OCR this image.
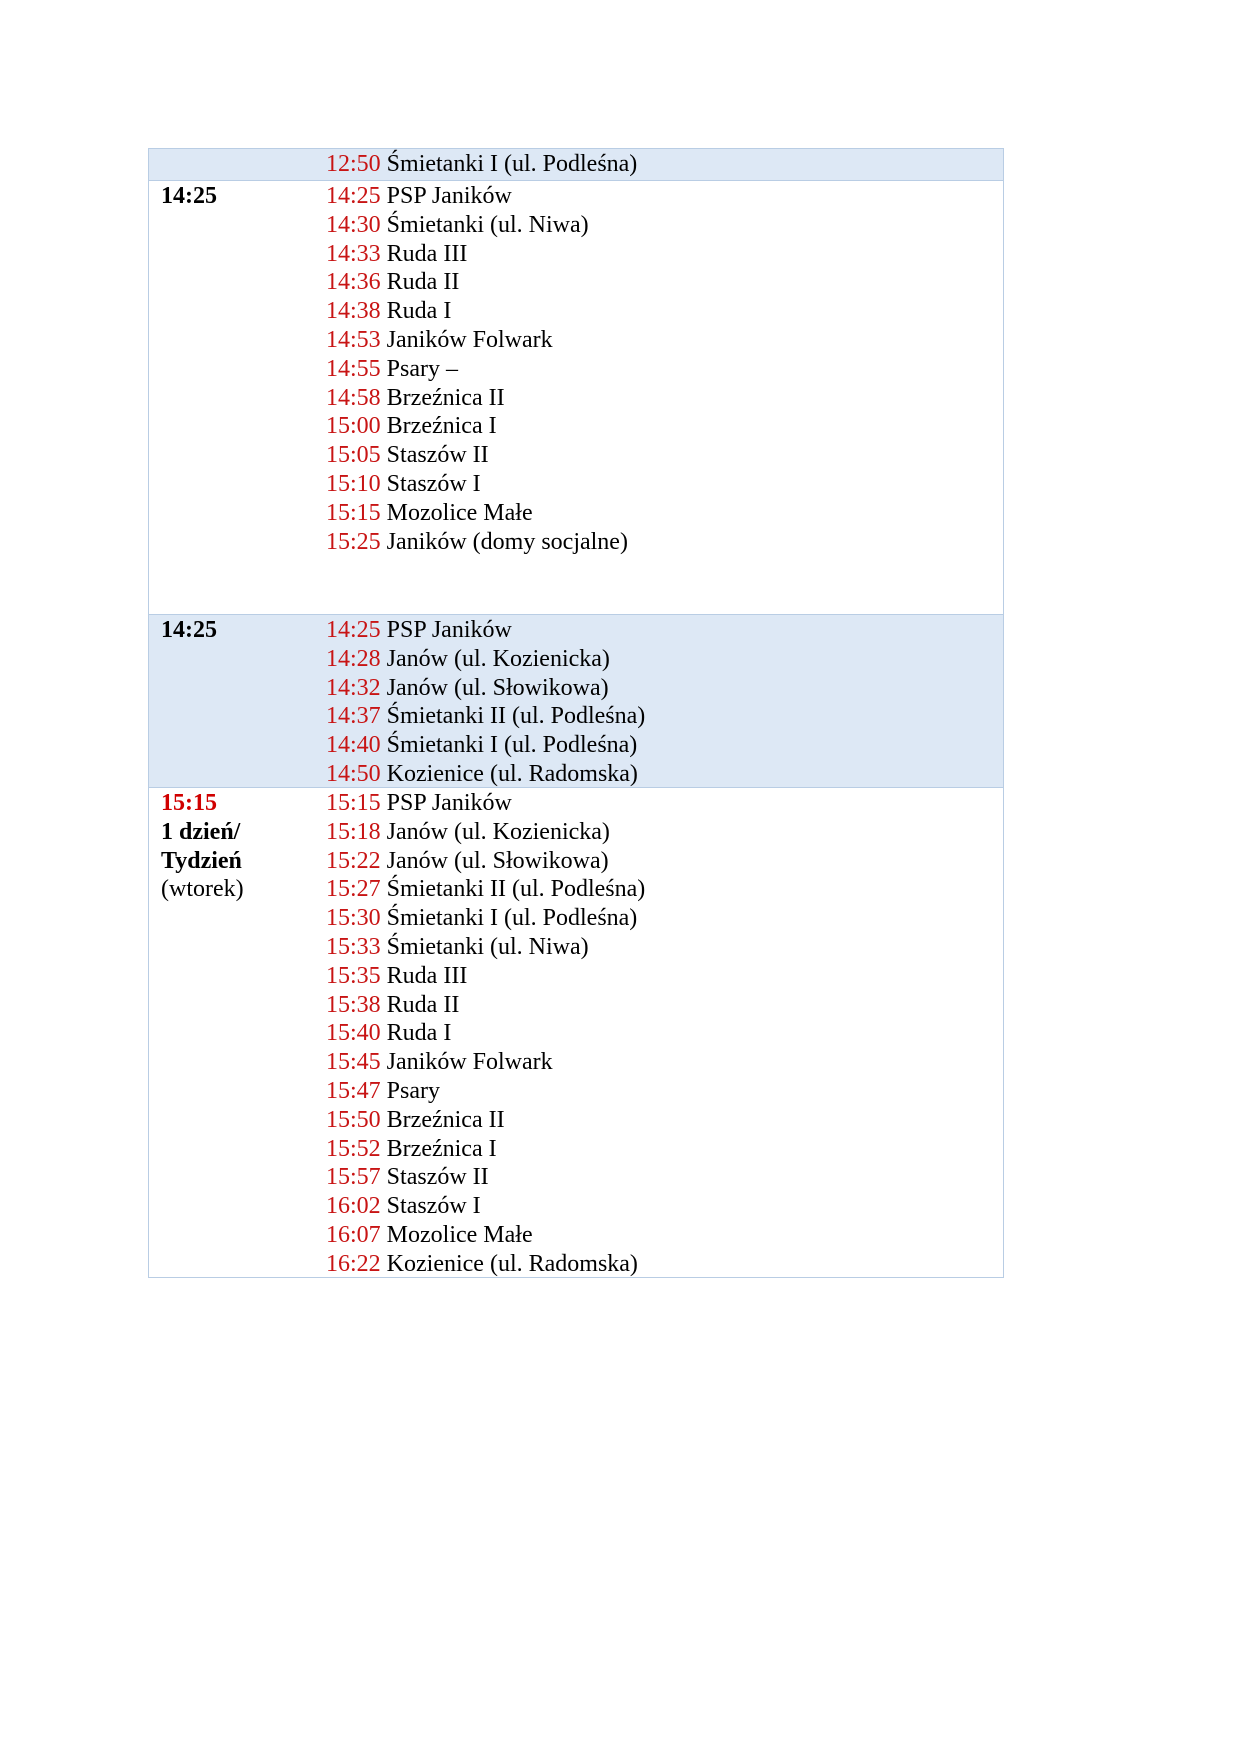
12:50 Śmietanki I (ul. Podleśna)
14:25	14:25 PSP Janików
14:30 Śmietanki (ul. Niwa)
14:33 Ruda III
14:36 Ruda II
14:38 Ruda I
14:53 Janików Folwark
14:55 Psary –
14:58 Brzeźnica II
15:00 Brzeźnica I
15:05 Staszów II
15:10 Staszów I
15:15 Mozolice Małe
15:25 Janików (domy socjalne)
14:25	14:25 PSP Janików
14:28 Janów (ul. Kozienicka)
14:32 Janów (ul. Słowikowa)
14:37 Śmietanki II (ul. Podleśna)
14:40 Śmietanki I (ul. Podleśna)
14:50 Kozienice (ul. Radomska)
15:15
1 dzień/
Tydzień
(wtorek)
15:15 PSP Janików
15:18 Janów (ul. Kozienicka)
15:22 Janów (ul. Słowikowa)
15:27 Śmietanki II (ul. Podleśna)
15:30 Śmietanki I (ul. Podleśna)
15:33 Śmietanki (ul. Niwa)
15:35 Ruda III
15:38 Ruda II
15:40 Ruda I
15:45 Janików Folwark
15:47 Psary
15:50 Brzeźnica II
15:52 Brzeźnica I
15:57 Staszów II
16:02 Staszów I
16:07 Mozolice Małe
16:22 Kozienice (ul. Radomska)
